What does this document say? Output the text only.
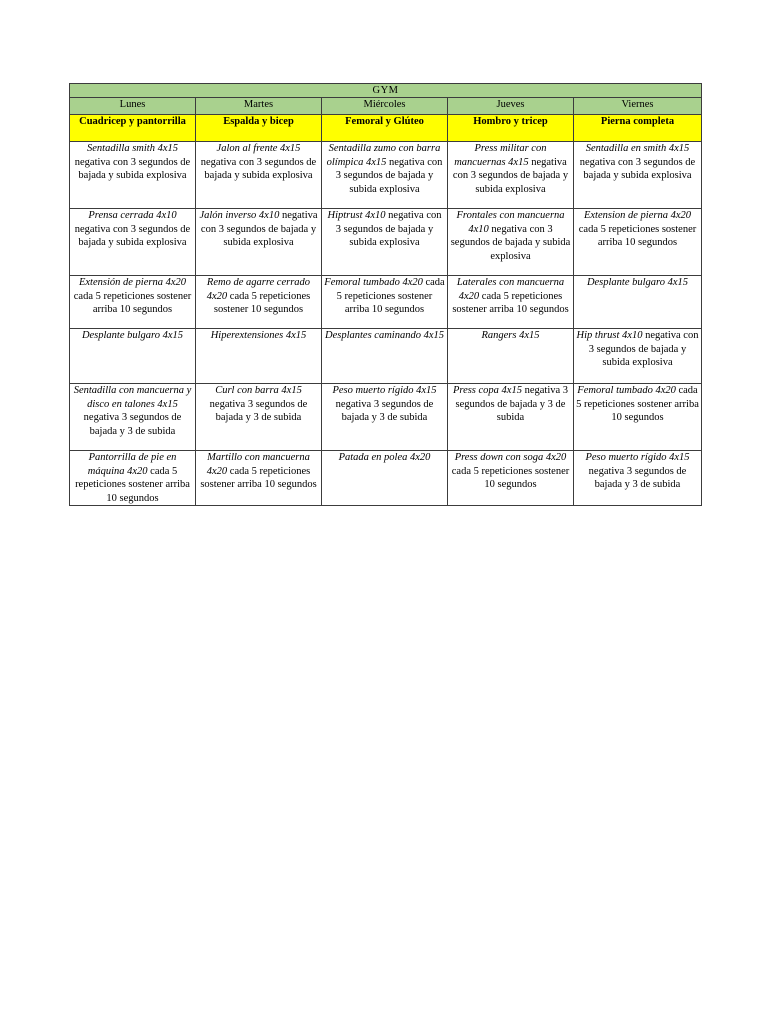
GYM				
Lunes	Martes	Miércoles	Jueves	Viernes
Cuadricep y pantorrilla	Espalda y bicep	Femoral y Glúteo	Hombro y tricep	Pierna completa
Sentadilla smith 4x15 negativa con 3 segundos de bajada y subida explosiva	Jalon al frente 4x15 negativa con 3 segundos de bajada y subida explosiva	Sentadilla zumo con barra olímpica 4x15 negativa con 3 segundos de bajada y subida explosiva	Press militar con mancuernas 4x15 negativa con 3 segundos de bajada y subida explosiva	Sentadilla en smith 4x15 negativa con 3 segundos de bajada y subida explosiva
Prensa cerrada 4x10 negativa con 3 segundos de bajada y subida explosiva	Jalón inverso 4x10 negativa con 3 segundos de bajada y subida explosiva	Hiptrust 4x10 negativa con 3 segundos de bajada y subida explosiva	Frontales con mancuerna 4x10 negativa con 3 segundos de bajada y subida explosiva	Extension de pierna 4x20 cada 5 repeticiones sostener arriba 10 segundos
Extensión de pierna 4x20 cada 5 repeticiones sostener arriba 10 segundos	Remo de agarre cerrado 4x20 cada 5 repeticiones sostener 10 segundos	Femoral tumbado 4x20 cada 5 repeticiones sostener arriba 10 segundos	Laterales con mancuerna 4x20 cada 5 repeticiones sostener arriba 10 segundos	Desplante bulgaro 4x15
Desplante bulgaro 4x15	Hiperextensiones 4x15	Desplantes caminando 4x15	Rangers 4x15	Hip thrust 4x10 negativa con 3 segundos de bajada y subida explosiva
Sentadilla con mancuerna y disco en talones 4x15 negativa 3 segundos de bajada y 3 de subida	Curl con barra 4x15 negativa 3 segundos de bajada y 3 de subida	Peso muerto rígido 4x15 negativa 3 segundos de bajada y 3 de subida	Press copa 4x15 negativa 3 segundos de bajada y 3 de subida	Femoral tumbado 4x20 cada 5 repeticiones sostener arriba 10 segundos
Pantorrilla de pie en máquina 4x20 cada 5 repeticiones sostener arriba 10 segundos	Martillo con mancuerna 4x20 cada 5 repeticiones sostener arriba 10 segundos	Patada en polea 4x20	Press down con soga 4x20 cada 5 repeticiones sostener 10 segundos	Peso muerto rígido 4x15 negativa 3 segundos de bajada y 3 de subida
